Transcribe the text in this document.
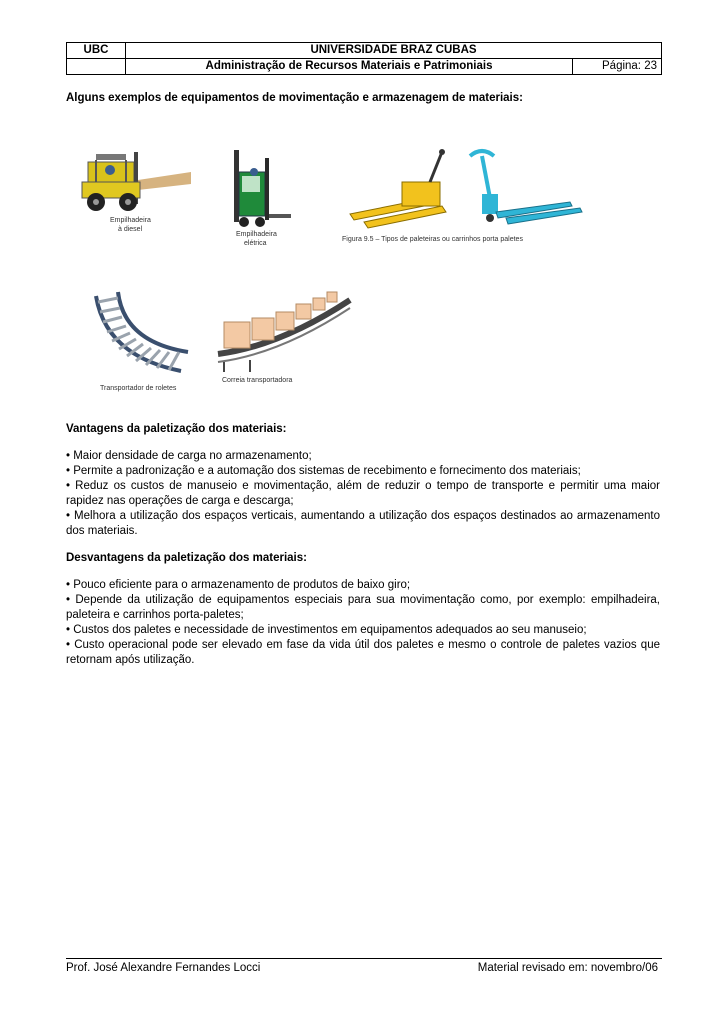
UBC	UNIVERSIDADE BRAZ CUBAS	
	Administração de Recursos Materiais e Patrimoniais	Página: 23
Alguns exemplos de equipamentos de movimentação e armazenagem de materiais:
Empilhadeira
à diesel
Empilhadeira
elétrica
Figura 9.5 – Tipos de paleteiras ou carrinhos porta paletes
Transportador de roletes
Correia transportadora
Vantagens da paletização dos materiais:

• Maior densidade de carga no armazenamento;

• Permite a padronização e a automação dos sistemas de recebimento e fornecimento dos materiais;

• Reduz os custos de manuseio e movimentação, além de reduzir o tempo de transporte e permitir uma maior rapidez nas operações de carga e descarga;

• Melhora a utilização dos espaços verticais, aumentando a utilização dos espaços destinados ao armazenamento dos materiais.

Desvantagens da paletização dos materiais:

• Pouco eficiente para o armazenamento de produtos de baixo giro;

• Depende da utilização de equipamentos especiais para sua movimentação como, por exemplo: empilhadeira, paleteira e carrinhos porta-paletes;

• Custos dos paletes e necessidade de investimentos em equipamentos adequados ao seu manuseio;

• Custo operacional pode ser elevado em fase da vida útil dos paletes e mesmo o controle de paletes vazios que retornam após utilização.

Prof. José Alexandre Fernandes Locci	Material revisado em: novembro/06
